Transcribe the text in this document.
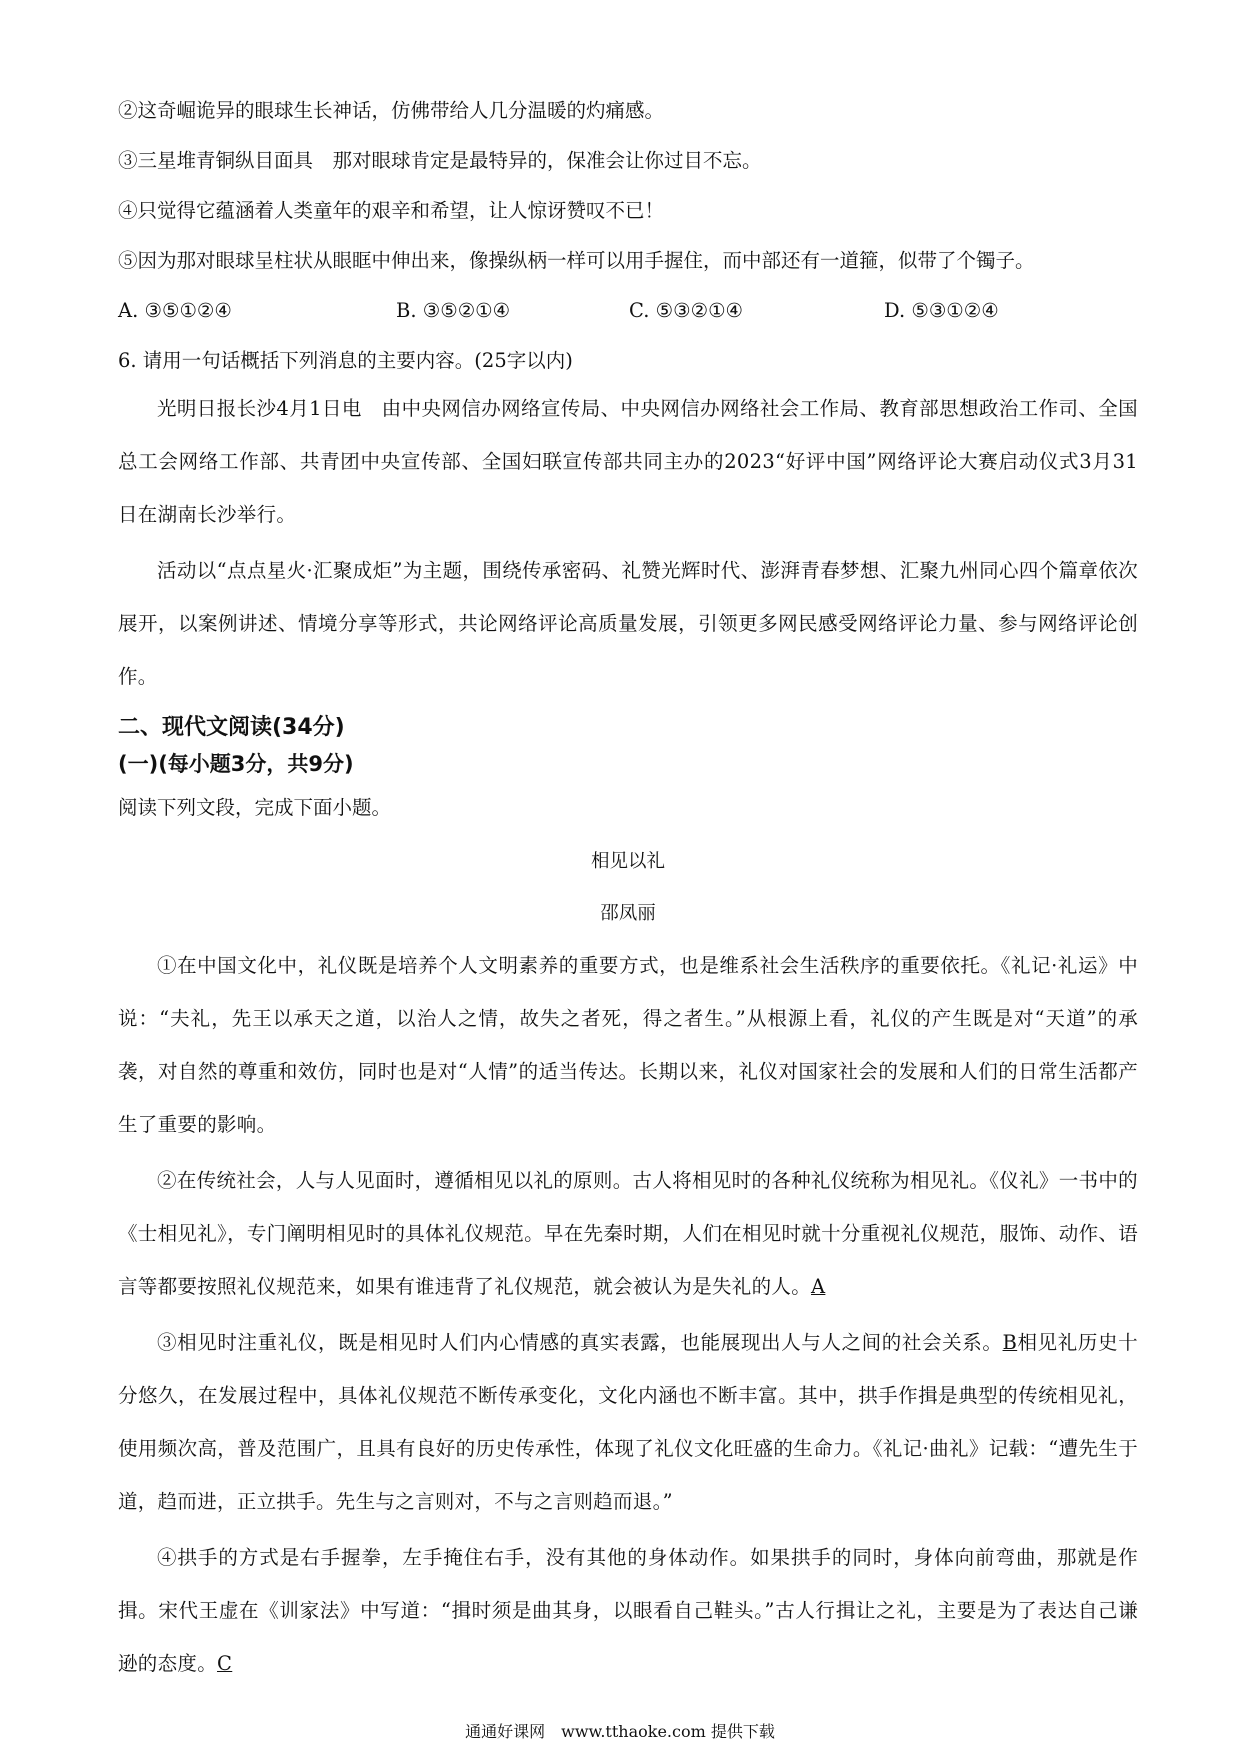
②这奇崛诡异的眼球生长神话，仿佛带给人几分温暖的灼痛感。
③三星堆青铜纵目面具　那对眼球肯定是最特异的，保准会让你过目不忘。
④只觉得它蕴涵着人类童年的艰辛和希望，让人惊讶赞叹不已！
⑤因为那对眼球呈柱状从眼眶中伸出来，像操纵柄一样可以用手握住，而中部还有一道箍，似带了个镯子。
A. ③⑤①②④	B. ③⑤②①④	C. ⑤③②①④	D. ⑤③①②④
6. 请用一句话概括下列消息的主要内容。(25字以内)

光明日报长沙4月1日电　由中央网信办网络宣传局、中央网信办网络社会工作局、教育部思想政治工作司、全国总工会网络工作部、共青团中央宣传部、全国妇联宣传部共同主办的2023“好评中国”网络评论大赛启动仪式3月31日在湖南长沙举行。

活动以“点点星火·汇聚成炬”为主题，围绕传承密码、礼赞光辉时代、澎湃青春梦想、汇聚九州同心四个篇章依次展开，以案例讲述、情境分享等形式，共论网络评论高质量发展，引领更多网民感受网络评论力量、参与网络评论创作。

二、现代文阅读(34分)
(一)(每小题3分，共9分)
阅读下列文段，完成下面小题。
相见以礼
邵凤丽

①在中国文化中，礼仪既是培养个人文明素养的重要方式，也是维系社会生活秩序的重要依托。《礼记·礼运》中说：“夫礼，先王以承天之道，以治人之情，故失之者死，得之者生。”从根源上看，礼仪的产生既是对“天道”的承袭，对自然的尊重和效仿，同时也是对“人情”的适当传达。长期以来，礼仪对国家社会的发展和人们的日常生活都产生了重要的影响。

②在传统社会，人与人见面时，遵循相见以礼的原则。古人将相见时的各种礼仪统称为相见礼。《仪礼》一书中的《士相见礼》，专门阐明相见时的具体礼仪规范。早在先秦时期，人们在相见时就十分重视礼仪规范，服饰、动作、语言等都要按照礼仪规范来，如果有谁违背了礼仪规范，就会被认为是失礼的人。A

③相见时注重礼仪，既是相见时人们内心情感的真实表露，也能展现出人与人之间的社会关系。B相见礼历史十分悠久，在发展过程中，具体礼仪规范不断传承变化，文化内涵也不断丰富。其中，拱手作揖是典型的传统相见礼，使用频次高，普及范围广，且具有良好的历史传承性，体现了礼仪文化旺盛的生命力。《礼记·曲礼》记载：“遭先生于道，趋而进，正立拱手。先生与之言则对，不与之言则趋而退。”

④拱手的方式是右手握拳，左手掩住右手，没有其他的身体动作。如果拱手的同时，身体向前弯曲，那就是作揖。宋代王虚在《训家法》中写道：“揖时须是曲其身，以眼看自己鞋头。”古人行揖让之礼，主要是为了表达自己谦逊的态度。C

通通好课网　www.tthaoke.com 提供下载
